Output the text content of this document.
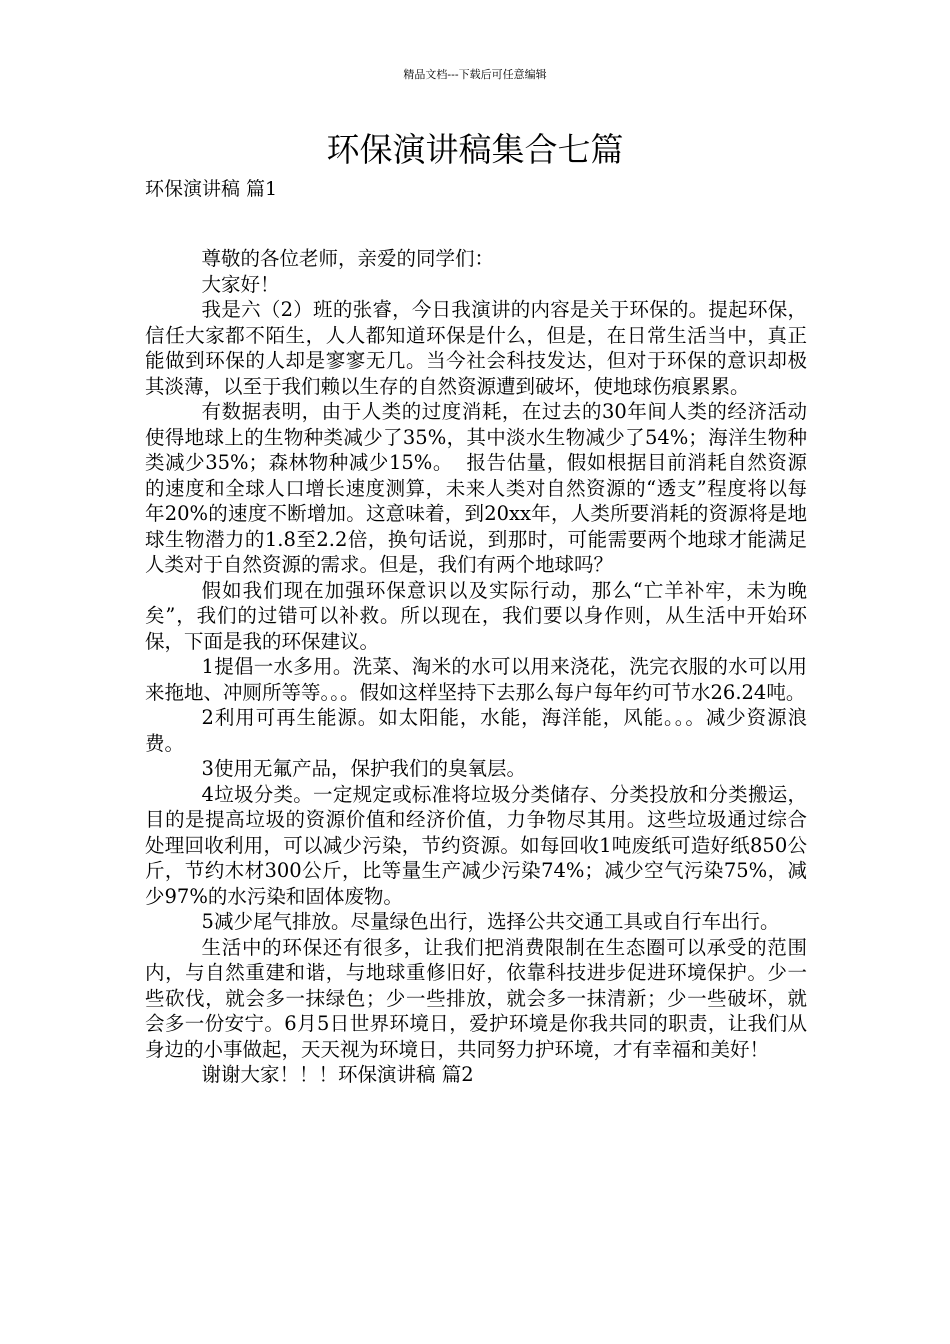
精品文档---下载后可任意编辑
环保演讲稿集合七篇
环保演讲稿 篇1

尊敬的各位老师，亲爱的同学们：

大家好！

我是六（2）班的张睿，今日我演讲的内容是关于环保的。提起环保，信任大家都不陌生，人人都知道环保是什么，但是，在日常生活当中，真正能做到环保的人却是寥寥无几。当今社会科技发达，但对于环保的意识却极其淡薄，以至于我们赖以生存的自然资源遭到破坏，使地球伤痕累累。

有数据表明，由于人类的过度消耗，在过去的30年间人类的经济活动使得地球上的生物种类减少了35%，其中淡水生物减少了54%；海洋生物种类减少35%；森林物种减少15%。  报告估量，假如根据目前消耗自然资源的速度和全球人口增长速度测算，未来人类对自然资源的“透支”程度将以每年20%的速度不断增加。这意味着，到20xx年，人类所要消耗的资源将是地球生物潜力的1.8至2.2倍，换句话说，到那时，可能需要两个地球才能满足人类对于自然资源的需求。但是，我们有两个地球吗？

假如我们现在加强环保意识以及实际行动，那么“亡羊补牢，未为晚矣”，我们的过错可以补救。所以现在，我们要以身作则，从生活中开始环保，下面是我的环保建议。

1提倡一水多用。洗菜、淘米的水可以用来浇花，洗完衣服的水可以用来拖地、冲厕所等等。。。假如这样坚持下去那么每户每年约可节水26.24吨。

2利用可再生能源。如太阳能，水能，海洋能，风能。。。减少资源浪费。

3使用无氟产品，保护我们的臭氧层。

4垃圾分类。一定规定或标准将垃圾分类储存、分类投放和分类搬运，目的是提高垃圾的资源价值和经济价值，力争物尽其用。这些垃圾通过综合处理回收利用，可以减少污染，节约资源。如每回收1吨废纸可造好纸850公斤，节约木材300公斤，比等量生产减少污染74%；减少空气污染75%，减少97%的水污染和固体废物。

5减少尾气排放。尽量绿色出行，选择公共交通工具或自行车出行。

生活中的环保还有很多，让我们把消费限制在生态圈可以承受的范围内，与自然重建和谐，与地球重修旧好，依靠科技进步促进环境保护。少一些砍伐，就会多一抹绿色；少一些排放，就会多一抹清新；少一些破坏，就会多一份安宁。6月5日世界环境日，爱护环境是你我共同的职责，让我们从身边的小事做起，天天视为环境日，共同努力护环境，才有幸福和美好！

谢谢大家！！！环保演讲稿 篇2
